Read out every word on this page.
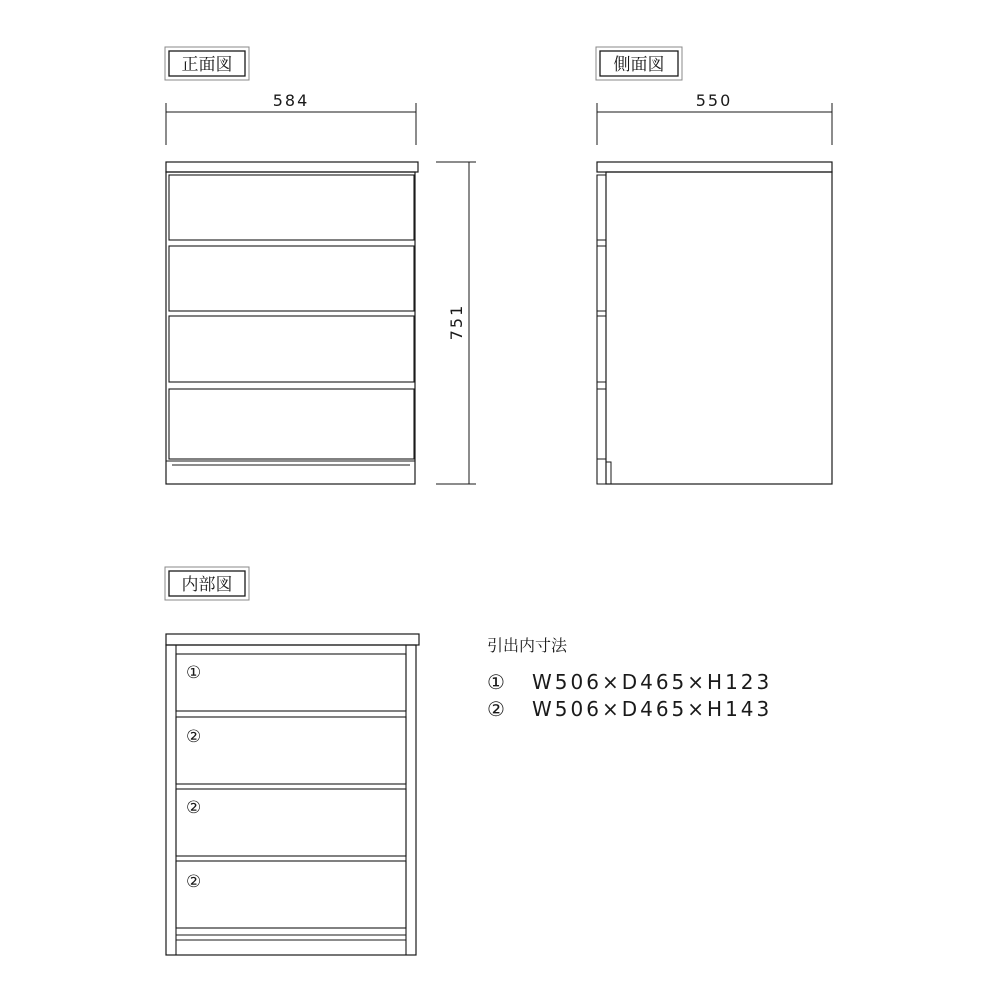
正面図
584
751
側面図
550
内部図
①
②
②
②
引出内寸法
① W506×D465×H123
② W506×D465×H143
